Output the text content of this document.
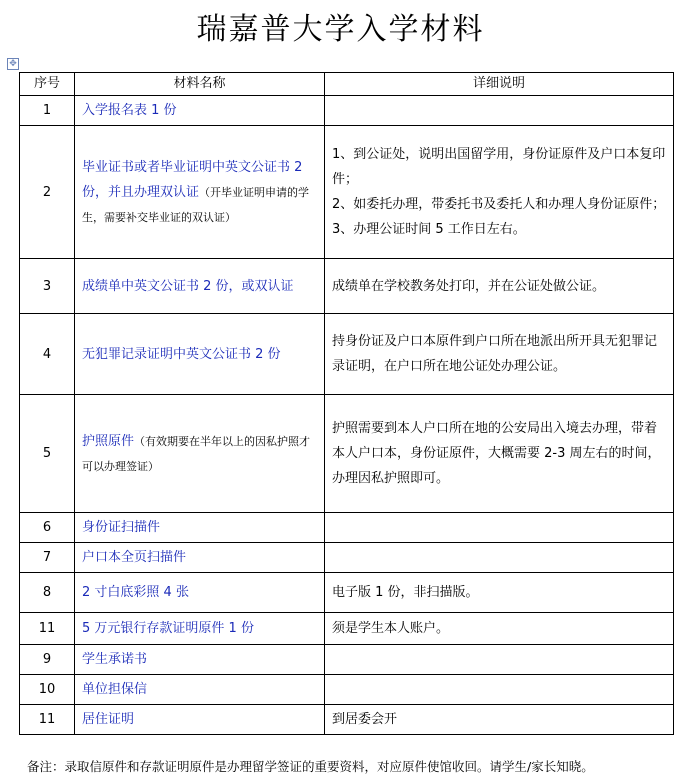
瑞嘉普大学入学材料
✥
序号	材料名称	详细说明
1	入学报名表 1 份	
2	毕业证书或者毕业证明中英文公证书 2 份，并且办理双认证（开毕业证明申请的学生，需要补交毕业证的双认证）	1、到公证处，说明出国留学用，身份证原件及户口本复印件；
2、如委托办理，带委托书及委托人和办理人身份证原件；
3、办理公证时间 5 工作日左右。
3	成绩单中英文公证书 2 份，或双认证	成绩单在学校教务处打印，并在公证处做公证。
4	无犯罪记录证明中英文公证书 2 份	持身份证及户口本原件到户口所在地派出所开具无犯罪记录证明，在户口所在地公证处办理公证。
5	护照原件（有效期要在半年以上的因私护照才可以办理签证）	护照需要到本人户口所在地的公安局出入境去办理，带着本人户口本，身份证原件，大概需要 2-3 周左右的时间，办理因私护照即可。
6	身份证扫描件	
7	户口本全页扫描件	
8	2 寸白底彩照 4 张	电子版 1 份，非扫描版。
11	5 万元银行存款证明原件 1 份	须是学生本人账户。
9	学生承诺书	
10	单位担保信	
11	居住证明	到居委会开
备注：录取信原件和存款证明原件是办理留学签证的重要资料，对应原件使馆收回。请学生/家长知晓。
